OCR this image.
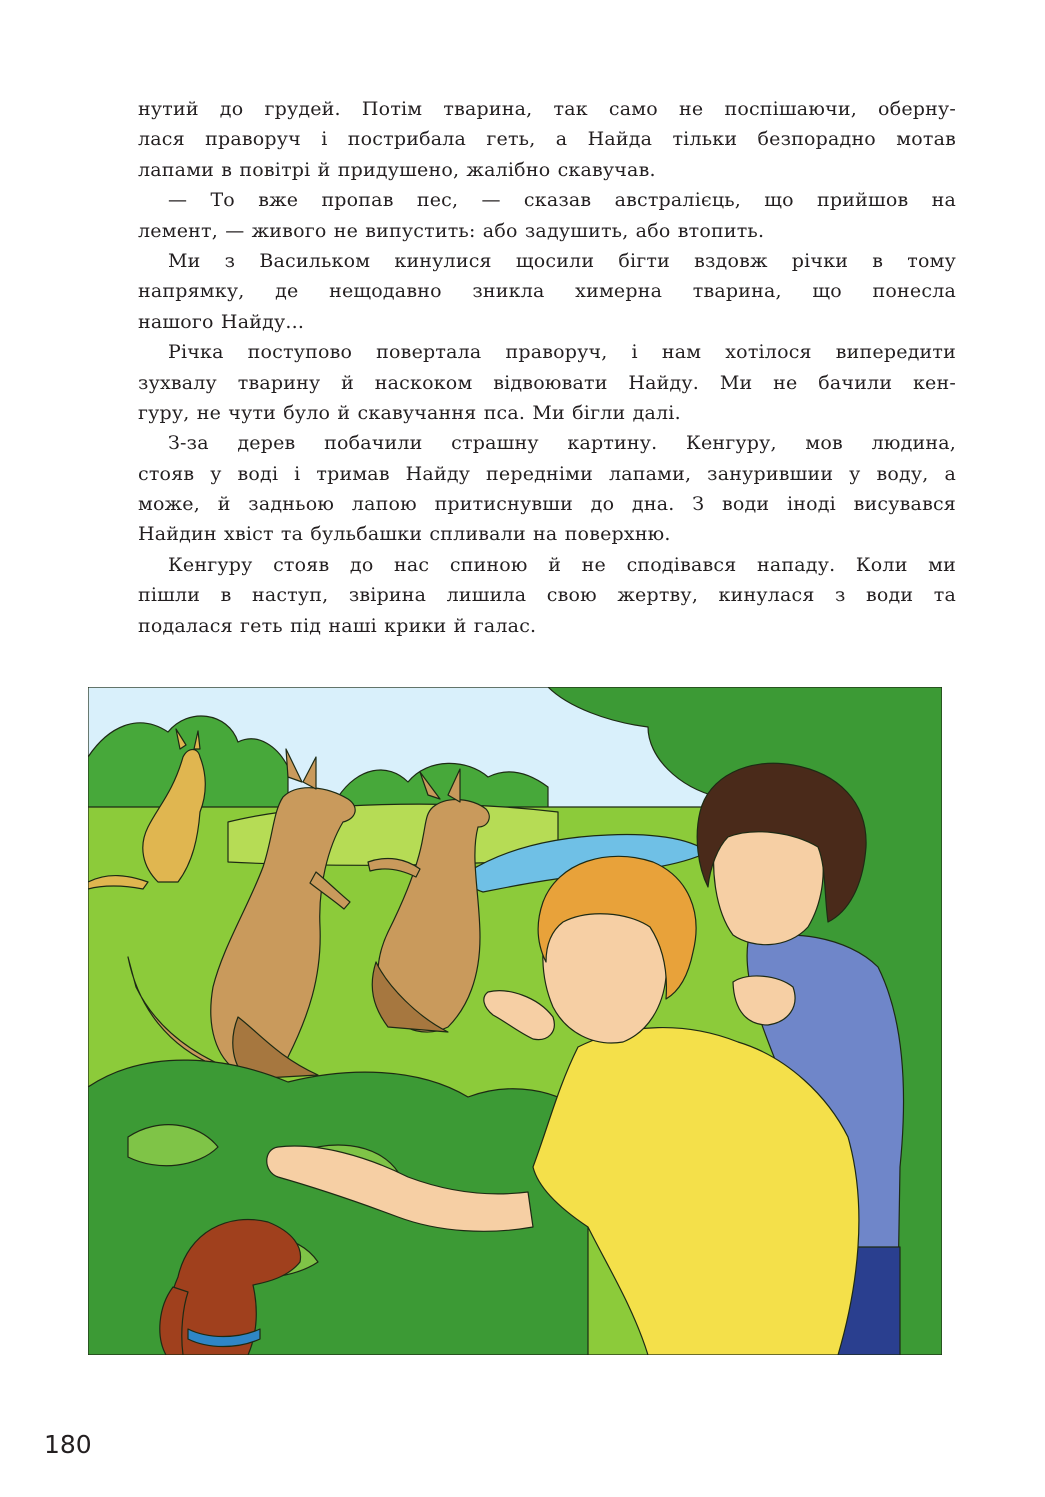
нутий до грудей. Потім тварина, так само не поспішаючи, оберну-
лася праворуч і пострибала геть, а Найда тільки безпорадно мотав
лапами в повітрі й придушено, жалібно скавучав.
— То вже пропав пес, — сказав австралієць, що прийшов на
лемент, — живого не випустить: або задушить, або втопить.
Ми з Васильком кинулися щосили бігти вздовж річки в тому
напрямку, де нещодавно зникла химерна тварина, що понесла
нашого Найду...
Річка поступово повертала праворуч, і нам хотілося випередити
зухвалу тварину й наскоком відвоювати Найду. Ми не бачили кен-
гуру, не чути було й скавучання пса. Ми бігли далі.
З-за дерев побачили страшну картину. Кенгуру, мов людина,
стояв у воді і тримав Найду передніми лапами, занурившии у воду, а
може, й задньою лапою притиснувши до дна. З води іноді висувався
Найдин хвіст та бульбашки спливали на поверхню.
Кенгуру стояв до нас спиною й не сподівався нападу. Коли ми
пішли в наступ, звірина лишила свою жертву, кинулася з води та
подалася геть під наші крики й галас.
180
